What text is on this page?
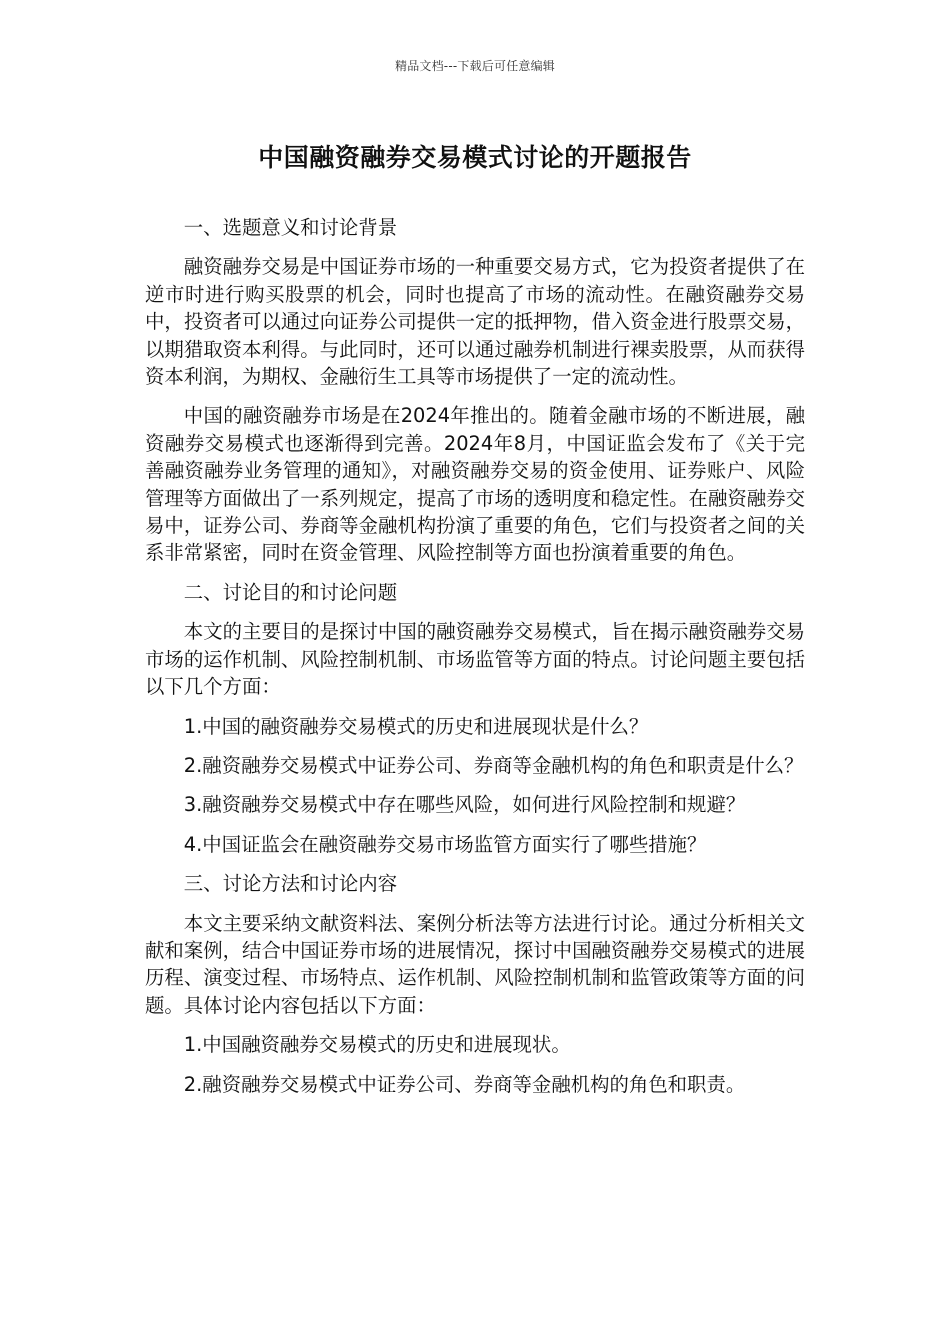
精品文档---下载后可任意编辑
中国融资融券交易模式讨论的开题报告

一、选题意义和讨论背景

融资融券交易是中国证券市场的一种重要交易方式，它为投资者提供了在逆市时进行购买股票的机会，同时也提高了市场的流动性。在融资融券交易中，投资者可以通过向证券公司提供一定的抵押物，借入资金进行股票交易，以期猎取资本利得。与此同时，还可以通过融券机制进行裸卖股票，从而获得资本利润，为期权、金融衍生工具等市场提供了一定的流动性。

中国的融资融券市场是在2024年推出的。随着金融市场的不断进展，融资融券交易模式也逐渐得到完善。2024年8月，中国证监会发布了《关于完善融资融券业务管理的通知》，对融资融券交易的资金使用、证券账户、风险管理等方面做出了一系列规定，提高了市场的透明度和稳定性。在融资融券交易中，证券公司、券商等金融机构扮演了重要的角色，它们与投资者之间的关系非常紧密，同时在资金管理、风险控制等方面也扮演着重要的角色。

二、讨论目的和讨论问题

本文的主要目的是探讨中国的融资融券交易模式，旨在揭示融资融券交易市场的运作机制、风险控制机制、市场监管等方面的特点。讨论问题主要包括以下几个方面：

1.中国的融资融券交易模式的历史和进展现状是什么？

2.融资融券交易模式中证券公司、券商等金融机构的角色和职责是什么？

3.融资融券交易模式中存在哪些风险，如何进行风险控制和规避？

4.中国证监会在融资融券交易市场监管方面实行了哪些措施？

三、讨论方法和讨论内容

本文主要采纳文献资料法、案例分析法等方法进行讨论。通过分析相关文献和案例，结合中国证券市场的进展情况，探讨中国融资融券交易模式的进展历程、演变过程、市场特点、运作机制、风险控制机制和监管政策等方面的问题。具体讨论内容包括以下方面：

1.中国融资融券交易模式的历史和进展现状。

2.融资融券交易模式中证券公司、券商等金融机构的角色和职责。
